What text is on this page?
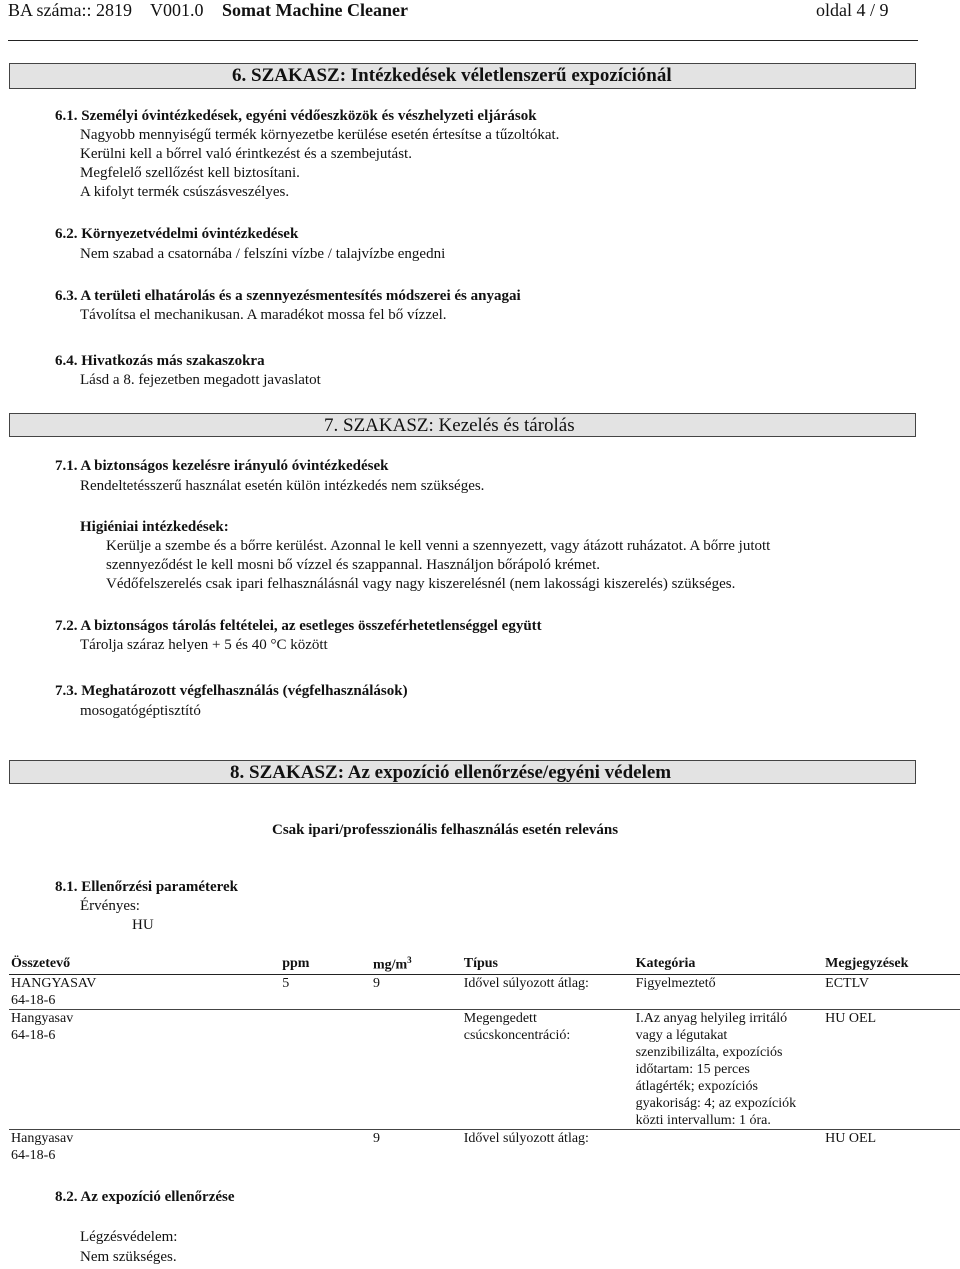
BA száma:: 2819 V001.0 Somat Machine Cleaner	oldal 4 / 9
6. SZAKASZ: Intézkedések véletlenszerű expozíciónál
6.1. Személyi óvintézkedések, egyéni védőeszközök és vészhelyzeti eljárások
Nagyobb mennyiségű termék környezetbe kerülése esetén értesítse a tűzoltókat.
Kerülni kell a bőrrel való érintkezést és a szembejutást.
Megfelelő szellőzést kell biztosítani.
A kifolyt termék csúszásveszélyes.
6.2. Környezetvédelmi óvintézkedések
Nem szabad a csatornába / felszíni vízbe / talajvízbe engedni
6.3. A területi elhatárolás és a szennyezésmentesítés módszerei és anyagai
Távolítsa el mechanikusan. A maradékot mossa fel bő vízzel.
6.4. Hivatkozás más szakaszokra
Lásd a 8. fejezetben megadott javaslatot
7. SZAKASZ: Kezelés és tárolás
7.1. A biztonságos kezelésre irányuló óvintézkedések
Rendeltetésszerű használat esetén külön intézkedés nem szükséges.
Higiéniai intézkedések:
Kerülje a szembe és a bőrre kerülést. Azonnal le kell venni a szennyezett, vagy átázott ruházatot. A bőrre jutott
szennyeződést le kell mosni bő vízzel és szappannal. Használjon bőrápoló krémet.
Védőfelszerelés csak ipari felhasználásnál vagy nagy kiszerelésnél (nem lakossági kiszerelés) szükséges.
7.2. A biztonságos tárolás feltételei, az esetleges összeférhetetlenséggel együtt
Tárolja száraz helyen + 5 és 40 °C között
7.3. Meghatározott végfelhasználás (végfelhasználások)
mosogatógéptisztító
8. SZAKASZ: Az expozíció ellenőrzése/egyéni védelem
Csak ipari/professzionális felhasználás esetén releváns
8.1. Ellenőrzési paraméterek
Érvényes:
HU
Összetevő	ppm	$mg/m^3$	Típus	Kategória	Megjegyzések

HANGYASAV
64-18-6	5	9	Idővel súlyozott átlag:	Figyelmeztető	ECTLV

Hangyasav
64-18-6			Megengedett csúcskoncentráció:	I.Az anyag helyileg irritáló vagy a légutakat szenzibilizálta, expozíciós időtartam: 15 perces átlagérték; expozíciós gyakoriság: 4; az expozíciók közti intervallum: 1 óra.	HU OEL

Hangyasav
64-18-6		9	Idővel súlyozott átlag:		HU OEL
8.2. Az expozíció ellenőrzése
Légzésvédelem:
Nem szükséges.
